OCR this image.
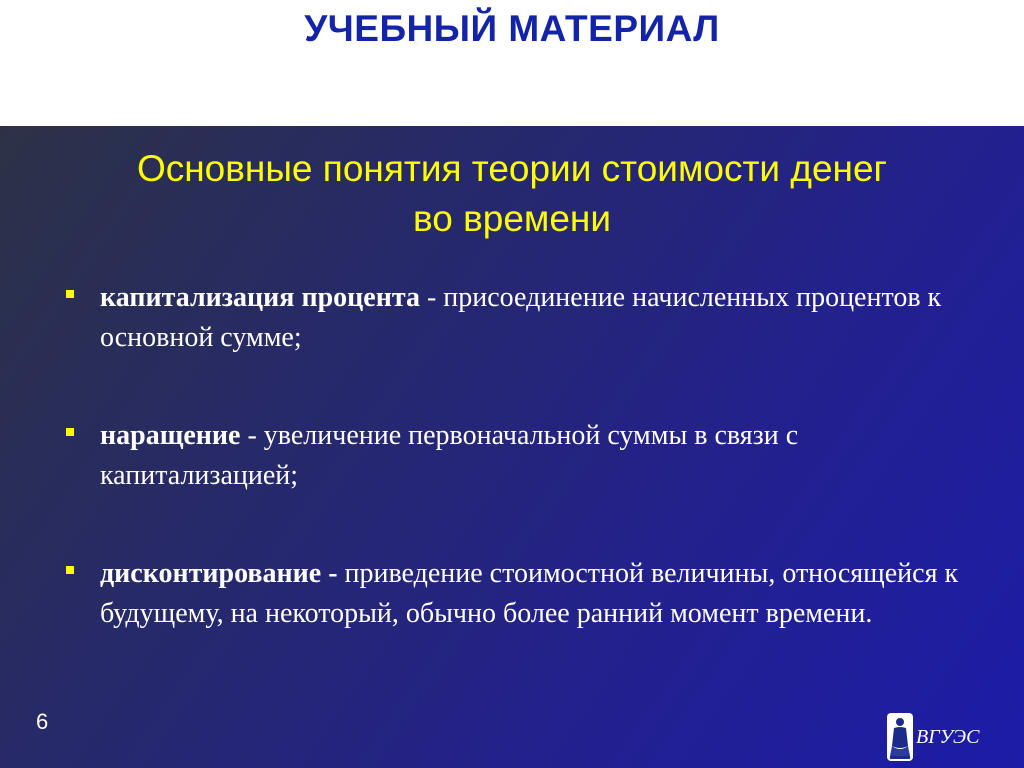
УЧЕБНЫЙ МАТЕРИАЛ
Основные понятия теории стоимости денег
во времени
капитализация процента - присоединение начисленных процентов к основной сумме;
наращение - увеличение первоначальной суммы в связи с капитализацией;
дисконтирование - приведение стоимостной величины, относящейся к будущему, на некоторый, обычно более ранний момент времени.
6
ВГУЭС
